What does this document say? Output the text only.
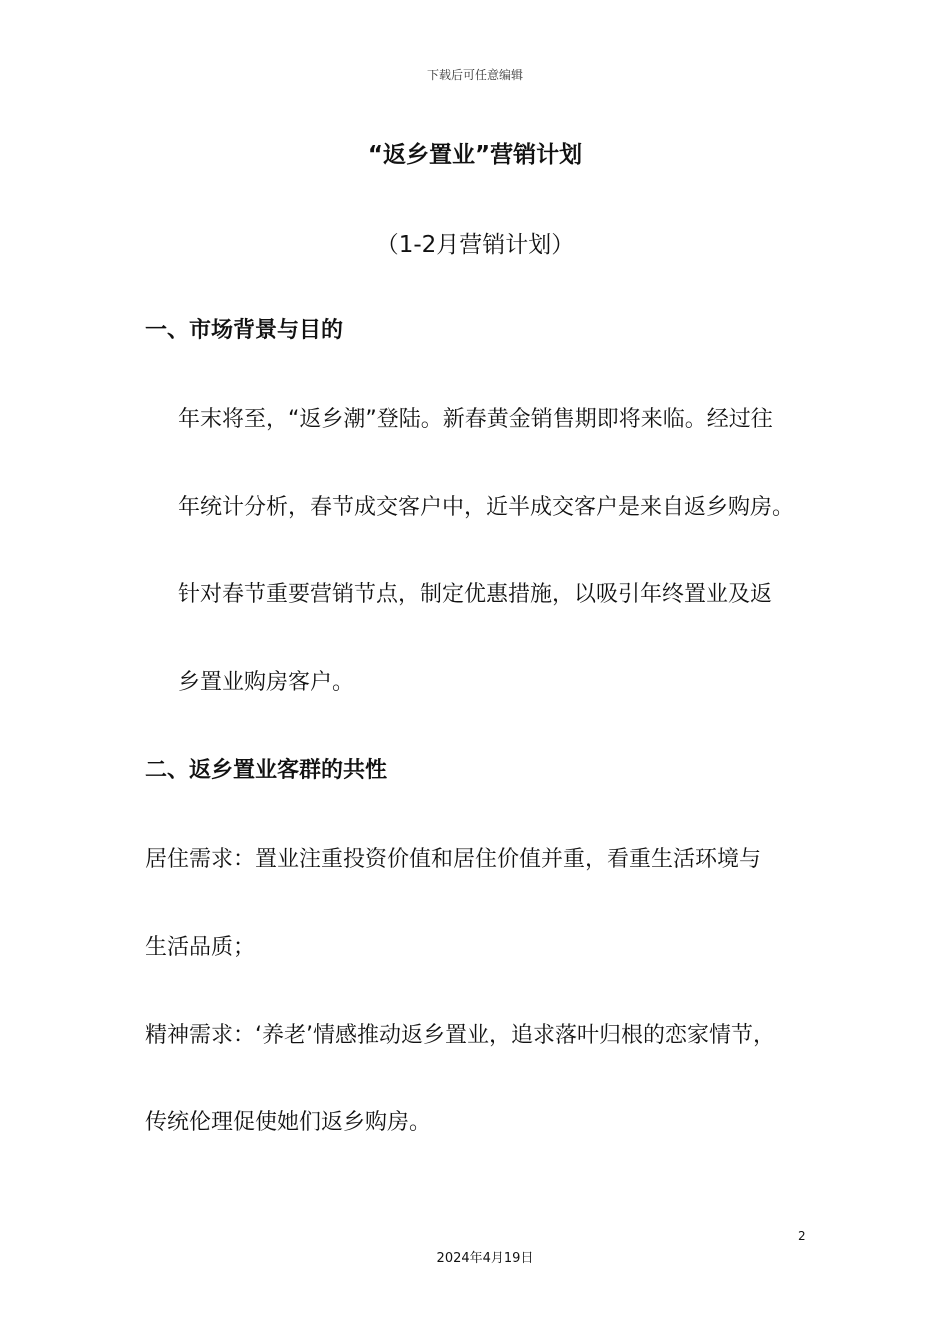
下载后可任意编辑
“返乡置业”营销计划
（1-2月营销计划）
一、市场背景与目的
年末将至，“返乡潮”登陆。新春黄金销售期即将来临。经过往
年统计分析，春节成交客户中，近半成交客户是来自返乡购房。
针对春节重要营销节点，制定优惠措施，以吸引年终置业及返
乡置业购房客户。
二、返乡置业客群的共性
居住需求：置业注重投资价值和居住价值并重，看重生活环境与
生活品质；
精神需求：‘养老’情感推动返乡置业，追求落叶归根的恋家情节，
传统伦理促使她们返乡购房。
2
2024年4月19日
